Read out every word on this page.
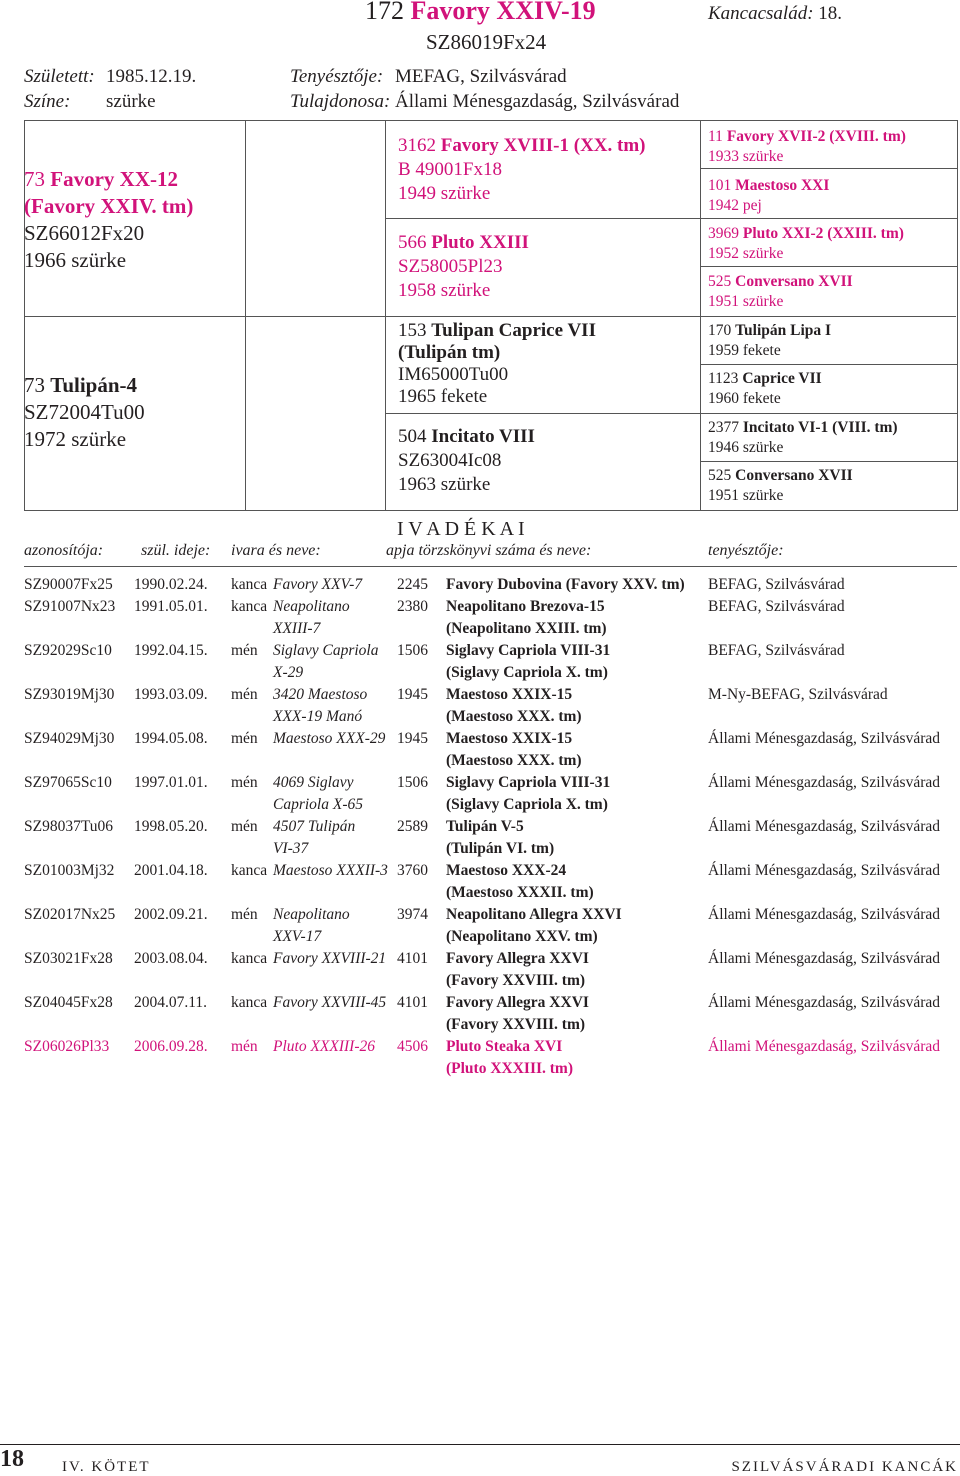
172 Favory XXIV-19
SZ86019Fx24
Kancacsalád: 18.
Született: 1985.12.19.
Színe: szürke
Tenyésztője: MEFAG, Szilvásvárad
Tulajdonosa: Állami Ménesgazdaság, Szilvásvárad
73 Favory XX-12
(Favory XXIV. tm)
SZ66012Fx20
1966 szürke
73 Tulipán-4
SZ72004Tu00
1972 szürke
3162 Favory XVIII-1 (XX. tm)
B 49001Fx18
1949 szürke
566 Pluto XXIII
SZ58005Pl23
1958 szürke
153 Tulipan Caprice VII
(Tulipán tm)
IM65000Tu00
1965 fekete
504 Incitato VIII
SZ63004Ic08
1963 szürke
11 Favory XVII-2 (XVIII. tm)
1933 szürke
101 Maestoso XXI
1942 pej
3969 Pluto XXI-2 (XXIII. tm)
1952 szürke
525 Conversano XVII
1951 szürke
170 Tulipán Lipa I
1959 fekete
1123 Caprice VII
1960 fekete
2377 Incitato VI-1 (VIII. tm)
1946 szürke
525 Conversano XVII
1951 szürke
I V A D É K A I
azonosítója: szül. ideje: ivara és neve:	apja törzskönyvi száma és neve:	tenyésztője:
SZ90007Fx25 1990.02.24. kanca Favory XXV-7 2245 Favory Dubovina (Favory XXV. tm) BEFAG, Szilvásvárad
SZ91007Nx23 1991.05.01. kanca Neapolitano	2380 Neapolitano Brezova-15	BEFAG, Szilvásvárad
XXIII-7	(Neapolitano XXIII. tm)
SZ92029Sc10 1992.04.15. mén Siglavy Capriola 1506 Siglavy Capriola VIII-31	BEFAG, Szilvásvárad
X-29	(Siglavy Capriola X. tm)
SZ93019Mj30 1993.03.09. mén 3420 Maestoso 1945 Maestoso XXIX-15	M-Ny-BEFAG, Szilvásvárad
XXX-19 Manó	(Maestoso XXX. tm)
SZ94029Mj30 1994.05.08. mén Maestoso XXX-29 1945 Maestoso XXIX-15	Állami Ménesgazdaság, Szilvásvárad
(Maestoso XXX. tm)
SZ97065Sc10 1997.01.01. mén 4069 Siglavy	1506 Siglavy Capriola VIII-31	Állami Ménesgazdaság, Szilvásvárad
Capriola X-65	(Siglavy Capriola X. tm)
SZ98037Tu06 1998.05.20. mén 4507 Tulipán	2589 Tulipán V-5	Állami Ménesgazdaság, Szilvásvárad
VI-37	(Tulipán VI. tm)
SZ01003Mj32 2001.04.18. kanca Maestoso XXXII-3 3760 Maestoso XXX-24	Állami Ménesgazdaság, Szilvásvárad
(Maestoso XXXII. tm)
SZ02017Nx25 2002.09.21. mén Neapolitano	3974 Neapolitano Allegra XXVI	Állami Ménesgazdaság, Szilvásvárad
XXV-17	(Neapolitano XXV. tm)
SZ03021Fx28 2003.08.04. kanca Favory XXVIII-21 4101 Favory Allegra XXVI	Állami Ménesgazdaság, Szilvásvárad
(Favory XXVIII. tm)
SZ04045Fx28 2004.07.11. kanca Favory XXVIII-45 4101 Favory Allegra XXVI	Állami Ménesgazdaság, Szilvásvárad
(Favory XXVIII. tm)
SZ06026Pl33 2006.09.28. mén Pluto XXXIII-26 4506 Pluto Steaka XVI	Állami Ménesgazdaság, Szilvásvárad
(Pluto XXXIII. tm)
18	IV. KÖTET	SZILVÁSVÁRADI KANCÁK
